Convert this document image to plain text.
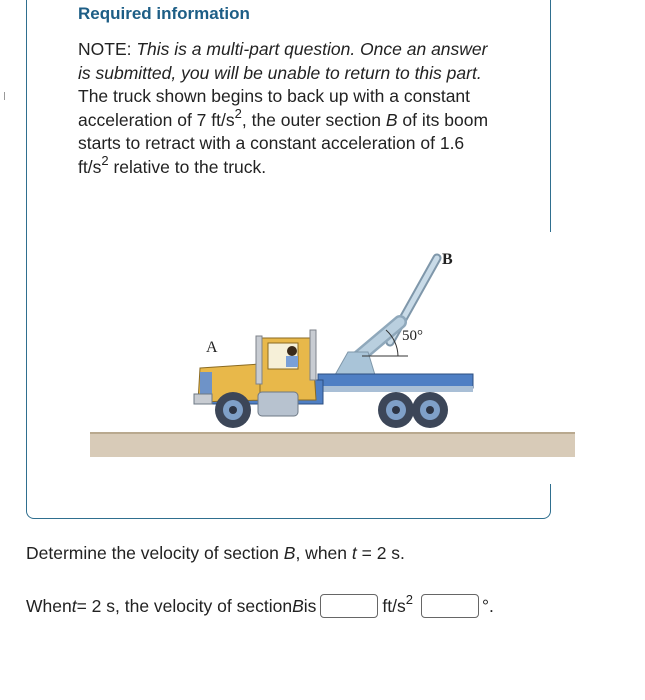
Required information

NOTE: This is a multi-part question. Once an answer is submitted, you will be unable to return to this part.

The truck shown begins to back up with a constant acceleration of 7 $ft/s^2$, the outer section B of its boom starts to retract with a constant acceleration of 1.6 $ft/s^2$ relative to the truck.

A
B
50°
Determine the velocity of section B, when t = 2 s.
When t = 2 s, the velocity of section B is	$ft/s^2$	°.
